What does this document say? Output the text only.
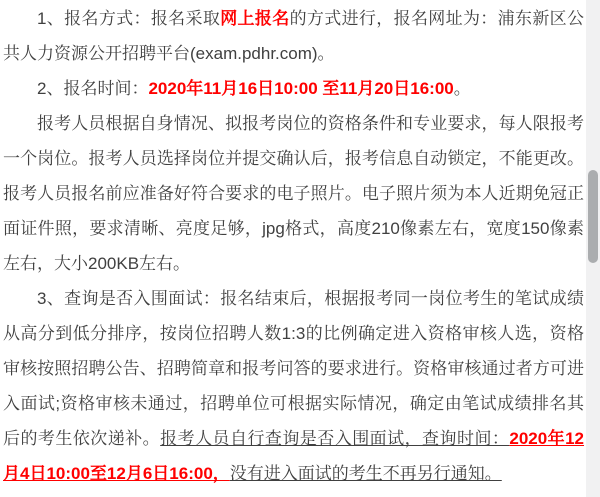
1、报名方式：报名采取网上报名的方式进行，报名网址为：浦东新区公共人力资源公开招聘平台(exam.pdhr.com)。

2、报名时间：2020年11月16日10:00 至11月20日16:00。

报考人员根据自身情况、拟报考岗位的资格条件和专业要求，每人限报考一个岗位。报考人员选择岗位并提交确认后，报考信息自动锁定，不能更改。报考人员报名前应准备好符合要求的电子照片。电子照片须为本人近期免冠正面证件照，要求清晰、亮度足够，jpg格式，高度210像素左右，宽度150像素左右，大小200KB左右。

3、查询是否入围面试：报名结束后，根据报考同一岗位考生的笔试成绩从高分到低分排序，按岗位招聘人数1:3的比例确定进入资格审核人选，资格审核按照招聘公告、招聘简章和报考问答的要求进行。资格审核通过者方可进入面试;资格审核未通过，招聘单位可根据实际情况，确定由笔试成绩排名其后的考生依次递补。报考人员自行查询是否入围面试，查询时间：2020年12月4日10:00至12月6日16:00，没有进入面试的考生不再另行通知。
